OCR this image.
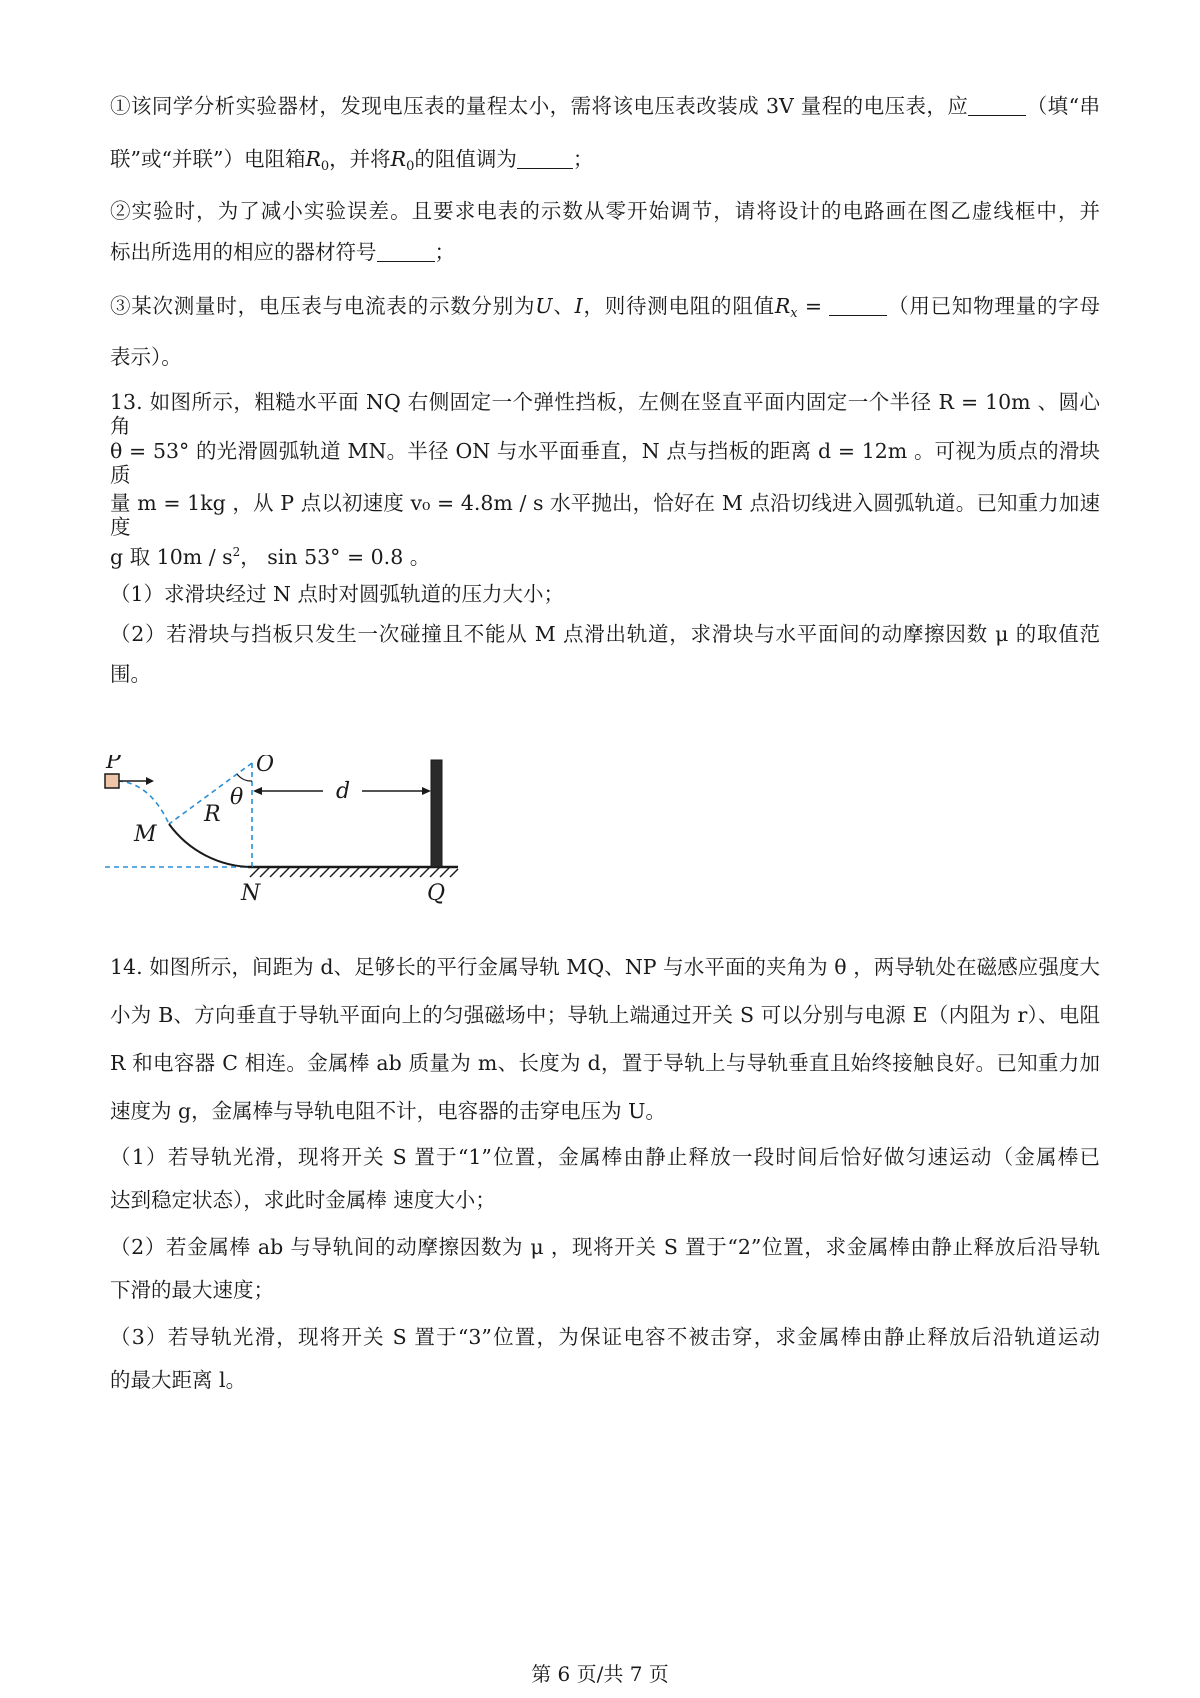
①该同学分析实验器材，发现电压表的量程太小，需将该电压表改装成 3V 量程的电压表，应	（填“串

联”或“并联”）电阻箱$R_0$，并将$R_0$的阻值调为	；

②实验时，为了减小实验误差。且要求电表的示数从零开始调节，请将设计的电路画在图乙虚线框中，并

标出所选用的相应的器材符号	；

③某次测量时，电压表与电流表的示数分别为U、I，则待测电阻的阻值$R_x$ =	（用已知物理量的字母

表示）。

13. 如图所示，粗糙水平面 NQ 右侧固定一个弹性挡板，左侧在竖直平面内固定一个半径 R = 10m 、圆心角

θ = 53° 的光滑圆弧轨道 MN。半径 ON 与水平面垂直，N 点与挡板的距离 d = 12m 。可视为质点的滑块质

量 m = 1kg ，从 P 点以初速度 v₀ = 4.8m / s 水平抛出，恰好在 M 点沿切线进入圆弧轨道。已知重力加速度

g 取 $10m / s^2$， sin 53° = 0.8 。

（1）求滑块经过 N 点时对圆弧轨道的压力大小；

（2）若滑块与挡板只发生一次碰撞且不能从 M 点滑出轨道，求滑块与水平面间的动摩擦因数 μ 的取值范

围。

P	O
θ
R
M
d
N	Q

14. 如图所示，间距为 d、足够长的平行金属导轨 MQ、NP 与水平面的夹角为 θ ，两导轨处在磁感应强度大

小为 B、方向垂直于导轨平面向上的匀强磁场中；导轨上端通过开关 S 可以分别与电源 E（内阻为 r）、电阻

R 和电容器 C 相连。金属棒 ab 质量为 m、长度为 d，置于导轨上与导轨垂直且始终接触良好。已知重力加

速度为 g，金属棒与导轨电阻不计，电容器的击穿电压为 U。

（1）若导轨光滑，现将开关 S 置于“1”位置，金属棒由静止释放一段时间后恰好做匀速运动（金属棒已

达到稳定状态），求此时金属棒 速度大小；

（2）若金属棒 ab 与导轨间的动摩擦因数为 μ ，现将开关 S 置于“2”位置，求金属棒由静止释放后沿导轨

下滑的最大速度；

（3）若导轨光滑，现将开关 S 置于“3”位置，为保证电容不被击穿，求金属棒由静止释放后沿轨道运动

的最大距离 l。

第 6 页/共 7 页
